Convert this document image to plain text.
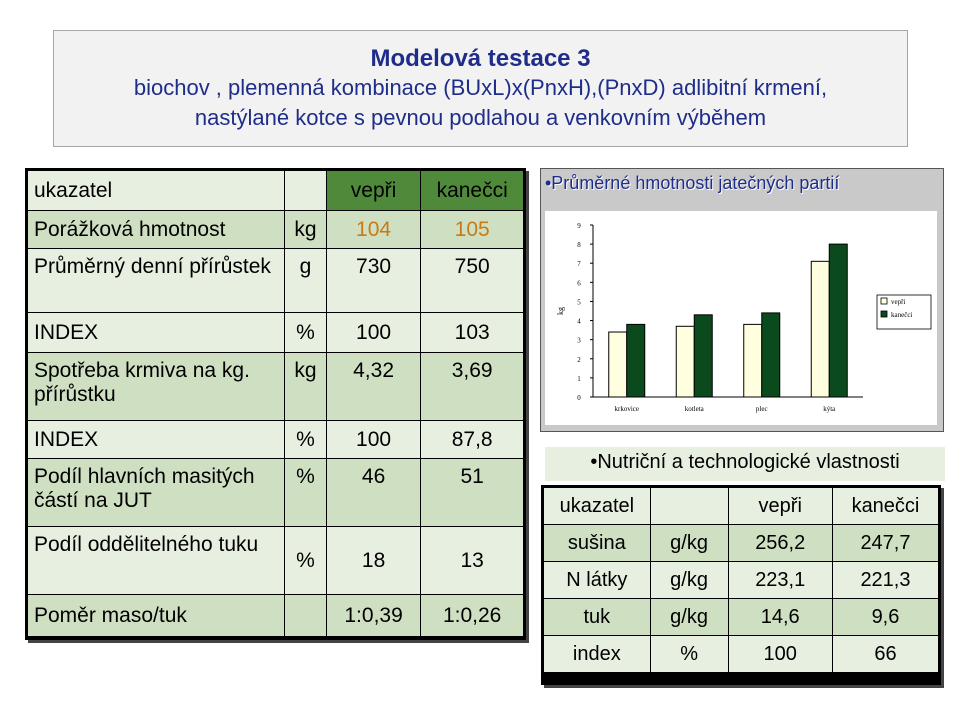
Modelová testace 3
biochov , plemenná kombinace (BUxL)x(PnxH),(PnxD) adlibitní krmení,
nastýlané kotce s pevnou podlahou a venkovním výběhem
ukazatel		vepři	kanečci
Porážková hmotnost	kg	104	105
Průměrný denní přírůstek	g	730	750
INDEX	%	100	103
Spotřeba krmiva na kg. přírůstku	kg	4,32	3,69
INDEX	%	100	87,8
Podíl hlavních masitých částí na JUT	%	46	51
Podíl oddělitelného tuku	%	18	13
Poměr maso/tuk		1:0,39	1:0,26
•Průměrné hmotnosti jatečných partií
0
1
2
3
4
5
6
7
8
9
kg
krkovice	kotleta	plec	kýta
vepři
kanečci
•Nutriční a technologické vlastnosti
ukazatel		vepři	kanečci
sušina	g/kg	256,2	247,7
N látky	g/kg	223,1	221,3
tuk	g/kg	14,6	9,6
index	%	100	66
